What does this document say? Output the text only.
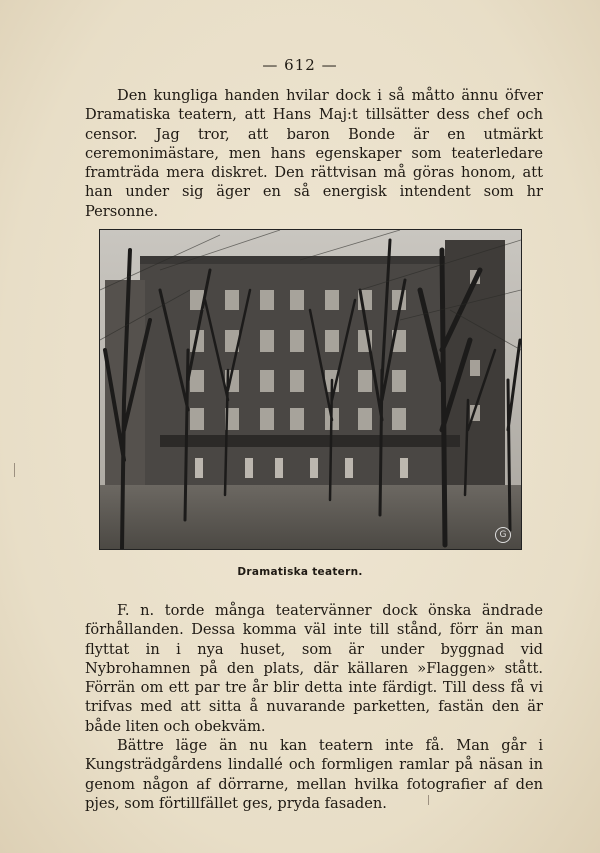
— 612 —

Den kungliga handen hvilar dock i så måtto ännu öfver Dramatiska teatern, att Hans Maj:t tillsätter dess chef och censor. Jag tror, att baron Bonde är en utmärkt ceremonimästare, men hans egenskaper som teaterledare framträda mera diskret. Den rättvisan må göras honom, att han under sig äger en så energisk intendent som hr Personne.

G
Dramatiska teatern.

F. n. torde många teatervänner dock önska ändrade förhållanden. Dessa komma väl inte till stånd, förr än man flyttat in i nya huset, som är under byggnad vid Nybrohamnen på den plats, där källaren »Flaggen» stått. Förrän om ett par tre år blir detta inte färdigt. Till dess få vi trifvas med att sitta å nuvarande parketten, fastän den är både liten och obekväm.

Bättre läge än nu kan teatern inte få. Man går i Kungsträdgårdens lindallé och formligen ramlar på näsan in genom någon af dörrarne, mellan hvilka fotografier af den pjes, som förtillfället ges, pryda fasaden.
